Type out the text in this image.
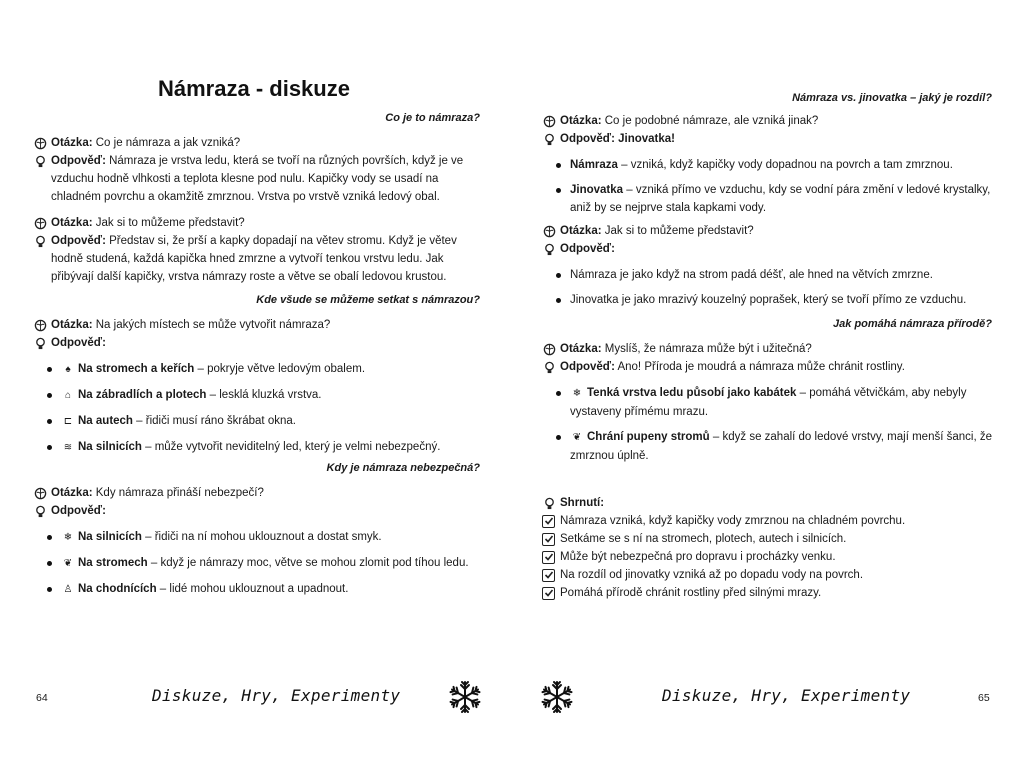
Námraza - diskuze
Co je to námraza?
Otázka: Co je námraza a jak vzniká?

Odpověď: Námraza je vrstva ledu, která se tvoří na různých površích, když je ve vzduchu hodně vlhkosti a teplota klesne pod nulu. Kapičky vody se usadí na chladném povrchu a okamžitě zmrznou. Vrstva po vrstvě vzniká ledový obal.

Otázka: Jak si to můžeme představit?

Odpověď: Představ si, že prší a kapky dopadají na větev stromu. Když je větev hodně studená, každá kapička hned zmrzne a vytvoří tenkou vrstvu ledu. Jak přibývají další kapičky, vrstva námrazy roste a větve se obalí ledovou krustou.

Kde všude se můžeme setkat s námrazou?
Otázka: Na jakých místech se může vytvořit námraza?
Odpověď:
♠ Na stromech a keřích – pokryje větve ledovým obalem.
⌂ Na zábradlích a plotech – lesklá kluzká vrstva.
⊏ Na autech – řidiči musí ráno škrábat okna.
≋ Na silnicích – může vytvořit neviditelný led, který je velmi nebezpečný.
Kdy je námraza nebezpečná?
Otázka: Kdy námraza přináší nebezpečí?
Odpověď:
❄ Na silnicích – řidiči na ní mohou uklouznout a dostat smyk.
❦ Na stromech – když je námrazy moc, větve se mohou zlomit pod tíhou ledu.
♙ Na chodnících – lidé mohou uklouznout a upadnout.
64	Diskuze, Hry, Experimenty
Námraza vs. jinovatka – jaký je rozdíl?
Otázka: Co je podobné námraze, ale vzniká jinak?
Odpověď: Jinovatka!
Námraza – vzniká, když kapičky vody dopadnou na povrch a tam zmrznou.
Jinovatka – vzniká přímo ve vzduchu, kdy se vodní pára změní v ledové krystalky, aniž by se nejprve stala kapkami vody.
Otázka: Jak si to můžeme představit?
Odpověď:
Námraza je jako když na strom padá déšť, ale hned na větvích zmrzne.
Jinovatka je jako mrazivý kouzelný poprašek, který se tvoří přímo ze vzduchu.
Jak pomáhá námraza přírodě?
Otázka: Myslíš, že námraza může být i užitečná?
Odpověď: Ano! Příroda je moudrá a námraza může chránit rostliny.
❄ Tenká vrstva ledu působí jako kabátek – pomáhá větvičkám, aby nebyly vystaveny přímému mrazu.
❦ Chrání pupeny stromů – když se zahalí do ledové vrstvy, mají menší šanci, že zmrznou úplně.
Shrnutí:
Námraza vzniká, když kapičky vody zmrznou na chladném povrchu.
Setkáme se s ní na stromech, plotech, autech i silnicích.
Může být nebezpečná pro dopravu i procházky venku.
Na rozdíl od jinovatky vzniká až po dopadu vody na povrch.
Pomáhá přírodě chránit rostliny před silnými mrazy.
Diskuze, Hry, Experimenty	65
